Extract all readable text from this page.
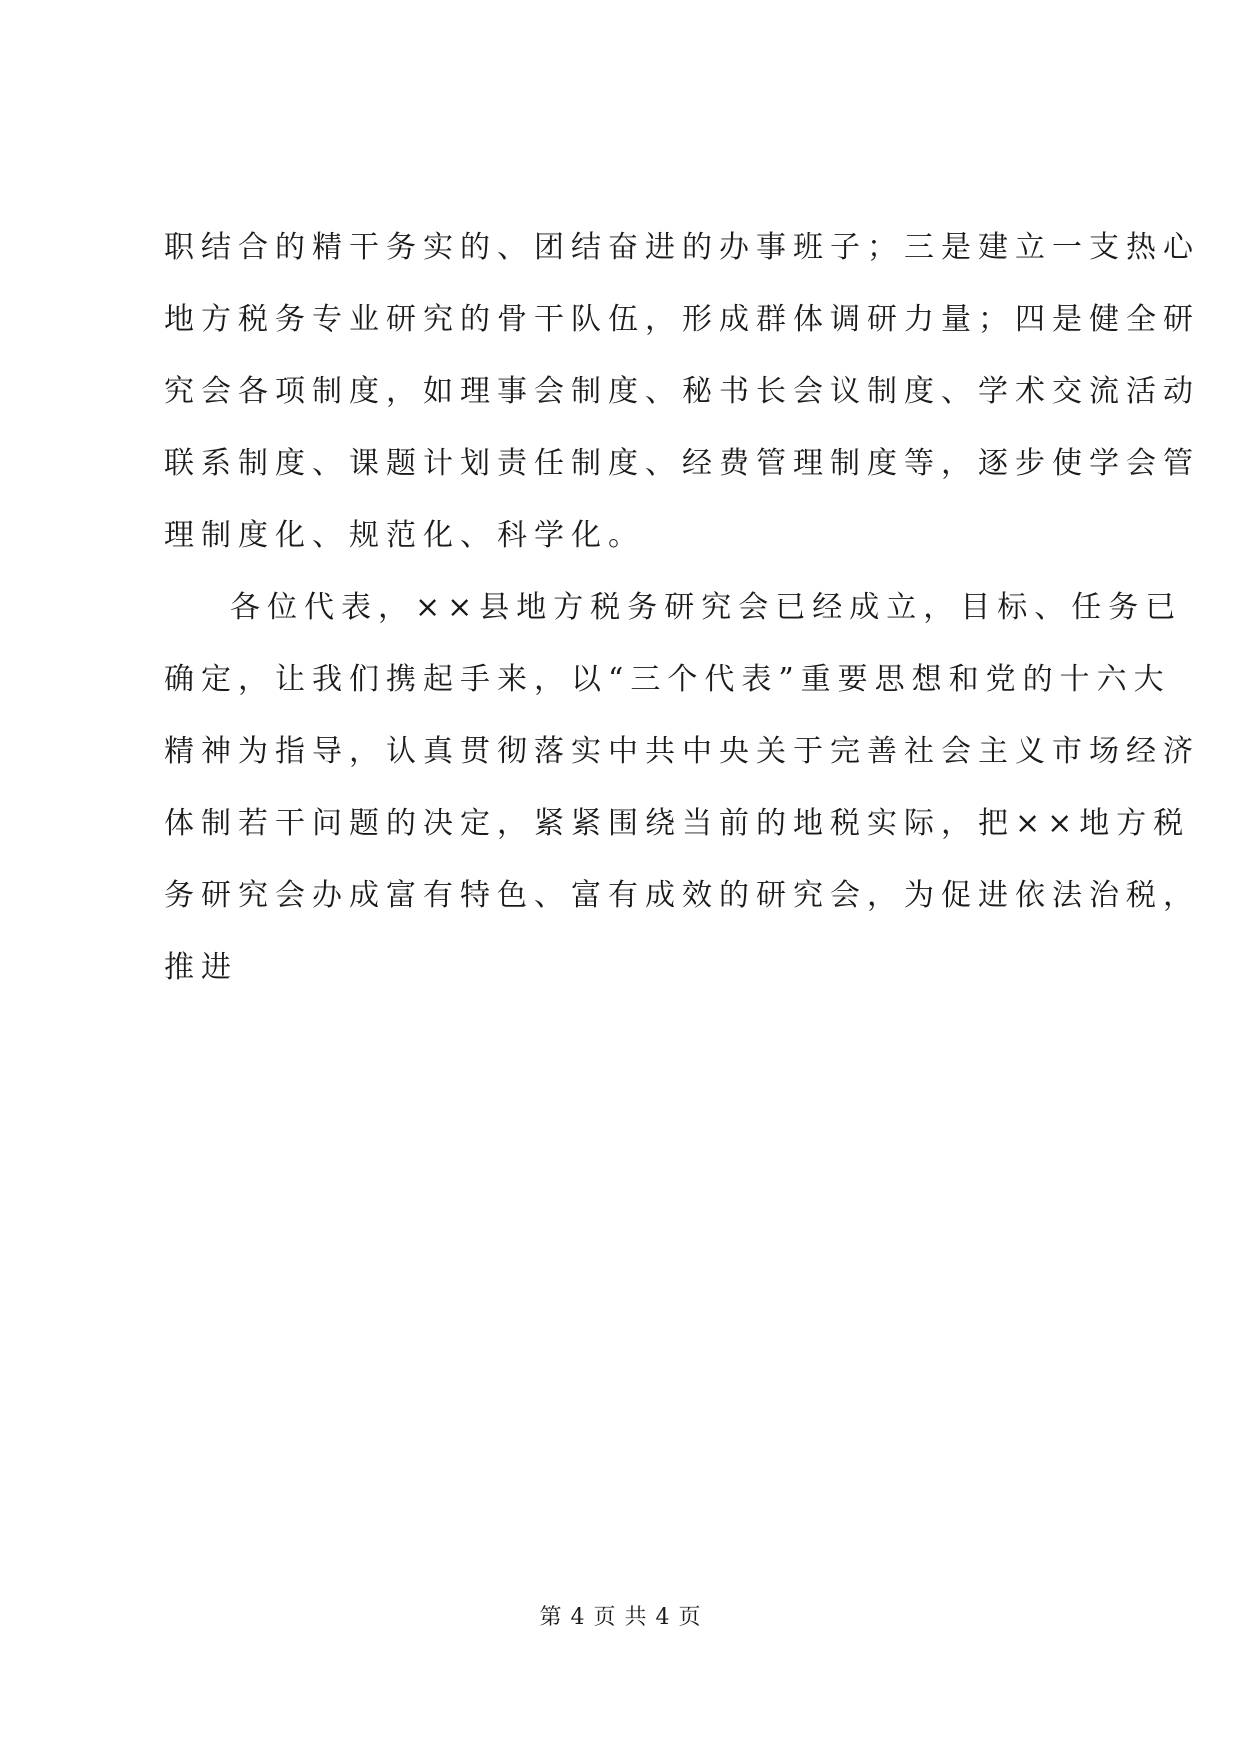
职结合的精干务实的、团结奋进的办事班子；三是建立一支热心
地方税务专业研究的骨干队伍，形成群体调研力量；四是健全研
究会各项制度，如理事会制度、秘书长会议制度、学术交流活动
联系制度、课题计划责任制度、经费管理制度等，逐步使学会管
理制度化、规范化、科学化。
各位代表，××县地方税务研究会已经成立，目标、任务已
确定，让我们携起手来，以“三个代表”重要思想和党的十六大
精神为指导，认真贯彻落实中共中央关于完善社会主义市场经济
体制若干问题的决定，紧紧围绕当前的地税实际，把××地方税
务研究会办成富有特色、富有成效的研究会，为促进依法治税，
推进
第 4 页 共 4 页
